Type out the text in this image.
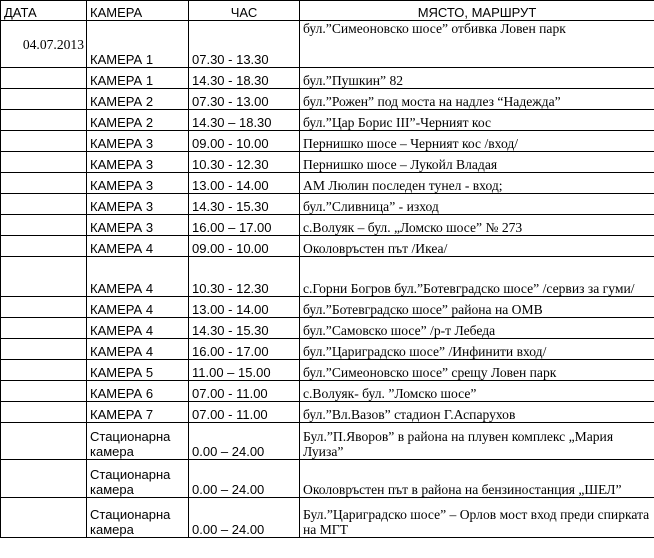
ДАТА	КАМЕРА	ЧАС	МЯСТО, МАРШРУТ
04.07.2013	КАМЕРА 1	07.30 - 13.30	бул.”Симеоновско шосе” отбивка Ловен парк
	КАМЕРА 1	14.30 - 18.30	бул.”Пушкин” 82
	КАМЕРА 2	07.30 - 13.00	бул.”Рожен” под моста на надлез “Надежда”
	КАМЕРА 2	14.30 – 18.30	бул.”Цар Борис III”-Черният кос
	КАМЕРА 3	09.00 - 10.00	Пернишко шосе – Черният кос /вход/
	КАМЕРА 3	10.30 - 12.30	Пернишко шосе – Лукойл Владая
	КАМЕРА 3	13.00 - 14.00	АМ Люлин последен тунел - вход;
	КАМЕРА 3	14.30 - 15.30	бул.”Сливница” - изход
	КАМЕРА 3	16.00 – 17.00	с.Волуяк – бул. „Ломско шосе” № 273
	КАМЕРА 4	09.00 - 10.00	Околовръстен път /Икеа/
	КАМЕРА 4	10.30 - 12.30	с.Горни Богров бул.”Ботевградско шосе” /сервиз за гуми/
	КАМЕРА 4	13.00 - 14.00	бул.”Ботевградско шосе” района на OMB
	КАМЕРА 4	14.30 - 15.30	бул.”Самовско шосе” /р-т Лебеда
	КАМЕРА 4	16.00 - 17.00	бул.”Цариградско шосе” /Инфинити вход/
	КАМЕРА 5	11.00 – 15.00	бул.”Симеоновско шосе” срещу Ловен парк
	КАМЕРА 6	07.00 - 11.00	с.Волуяк- бул. ”Ломско шосе”
	КАМЕРА 7	07.00 - 11.00	бул.”Вл.Вазов” стадион Г.Аспарухов
	Стационарна камера	0.00 – 24.00	Бул.”П.Яворов” в района на плувен комплекс „Мария Луиза”
	Стационарна камера	0.00 – 24.00	Околовръстен път в района на бензиностанция „ШЕЛ”
	Стационарна камера	0.00 – 24.00	Бул.”Цариградско шосе” – Орлов мост вход преди спирката на МГТ
